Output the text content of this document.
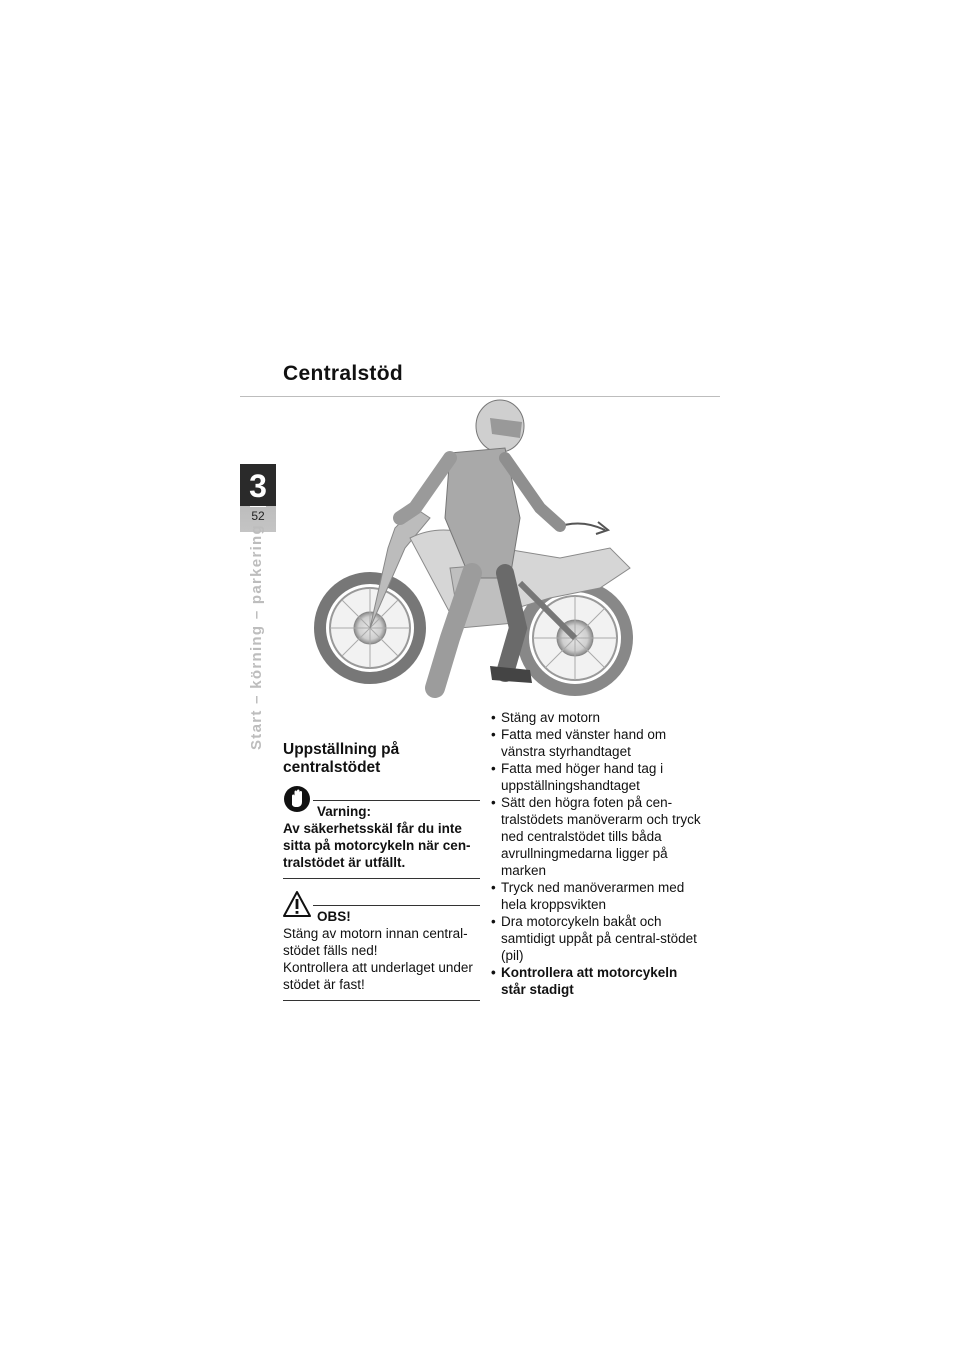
Centralstöd
3
52
Start – körning – parkering Uppställning på centralstödet
Varning:
Av säkerhetsskäl får du inte sitta på motorcykeln när cen-tralstödet är utfällt.
OBS!
Stäng av motorn innan central-stödet fälls ned!
Kontrollera att underlaget under stödet är fast!
• Stäng av motorn
• Fatta med vänster hand om vänstra styrhandtaget
• Fatta med höger hand tag i uppställningshandtaget
• Sätt den högra foten på cen-tralstödets manöverarm och tryck ned centralstödet tills båda avrullningmedarna ligger på marken
• Tryck ned manöverarmen med hela kroppsvikten
• Dra motorcykeln bakåt och samtidigt uppåt på central-stödet (pil)
• Kontrollera att motorcykeln står stadigt
